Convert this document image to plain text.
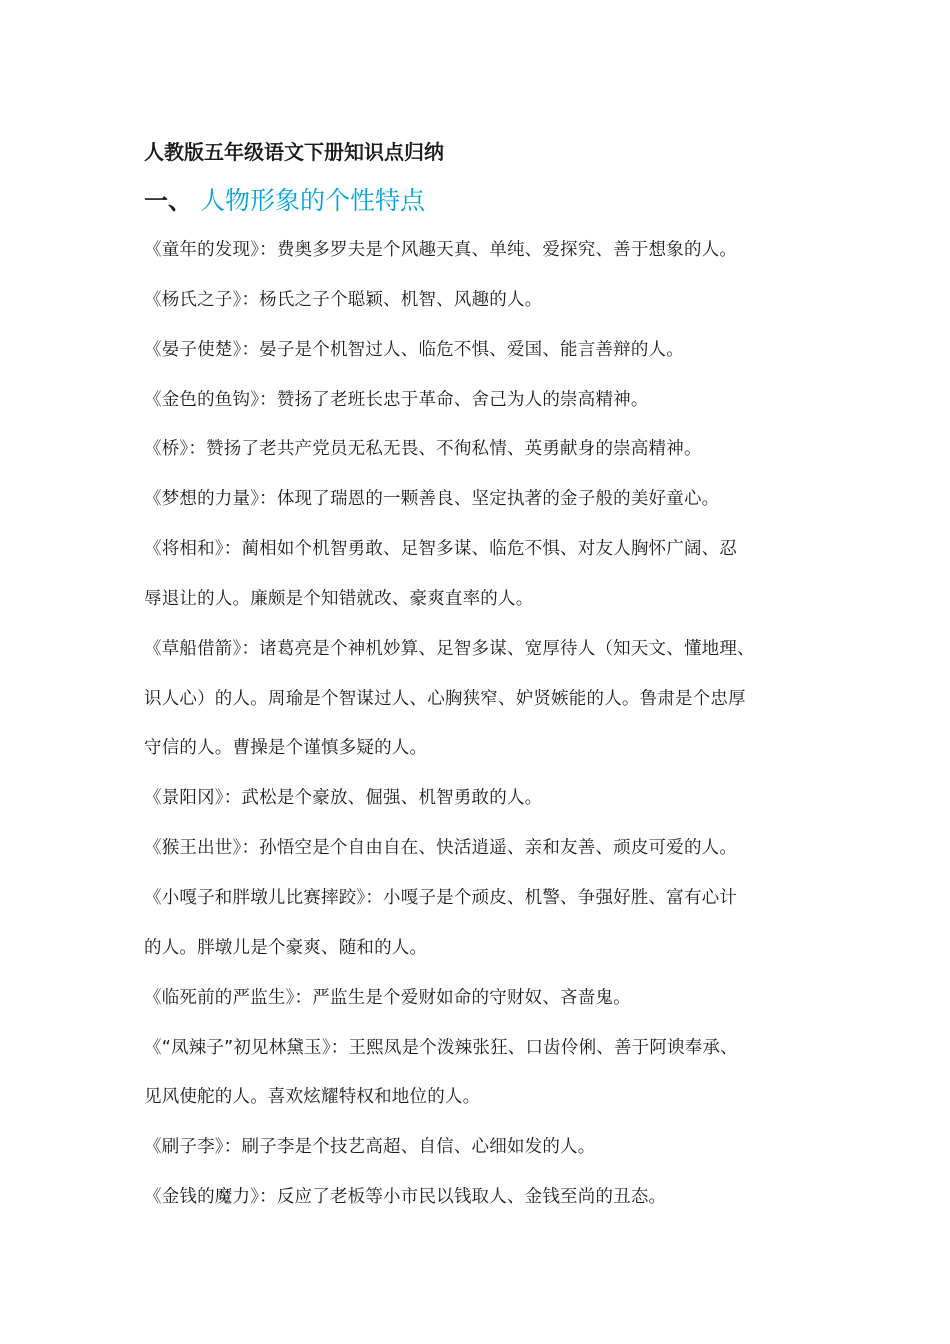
人教版五年级语文下册知识点归纳
一、 人物形象的个性特点
《童年的发现》：费奥多罗夫是个风趣天真、单纯、爱探究、善于想象的人。
《杨氏之子》：杨氏之子个聪颖、机智、风趣的人。
《晏子使楚》：晏子是个机智过人、临危不惧、爱国、能言善辩的人。
《金色的鱼钩》：赞扬了老班长忠于革命、舍己为人的崇高精神。
《桥》：赞扬了老共产党员无私无畏、不徇私情、英勇献身的崇高精神。
《梦想的力量》：体现了瑞恩的一颗善良、坚定执著的金子般的美好童心。
《将相和》：蔺相如个机智勇敢、足智多谋、临危不惧、对友人胸怀广阔、忍
辱退让的人。廉颇是个知错就改、豪爽直率的人。
《草船借箭》：诸葛亮是个神机妙算、足智多谋、宽厚待人（知天文、懂地理、
识人心）的人。周瑜是个智谋过人、心胸狭窄、妒贤嫉能的人。鲁肃是个忠厚
守信的人。曹操是个谨慎多疑的人。
《景阳冈》：武松是个豪放、倔强、机智勇敢的人。
《猴王出世》：孙悟空是个自由自在、快活逍遥、亲和友善、顽皮可爱的人。
《小嘎子和胖墩儿比赛摔跤》：小嘎子是个顽皮、机警、争强好胜、富有心计
的人。胖墩儿是个豪爽、随和的人。
《临死前的严监生》：严监生是个爱财如命的守财奴、吝啬鬼。
《“凤辣子”初见林黛玉》：王熙凤是个泼辣张狂、口齿伶俐、善于阿谀奉承、
见风使舵的人。喜欢炫耀特权和地位的人。
《刷子李》：刷子李是个技艺高超、自信、心细如发的人。
《金钱的魔力》：反应了老板等小市民以钱取人、金钱至尚的丑态。
